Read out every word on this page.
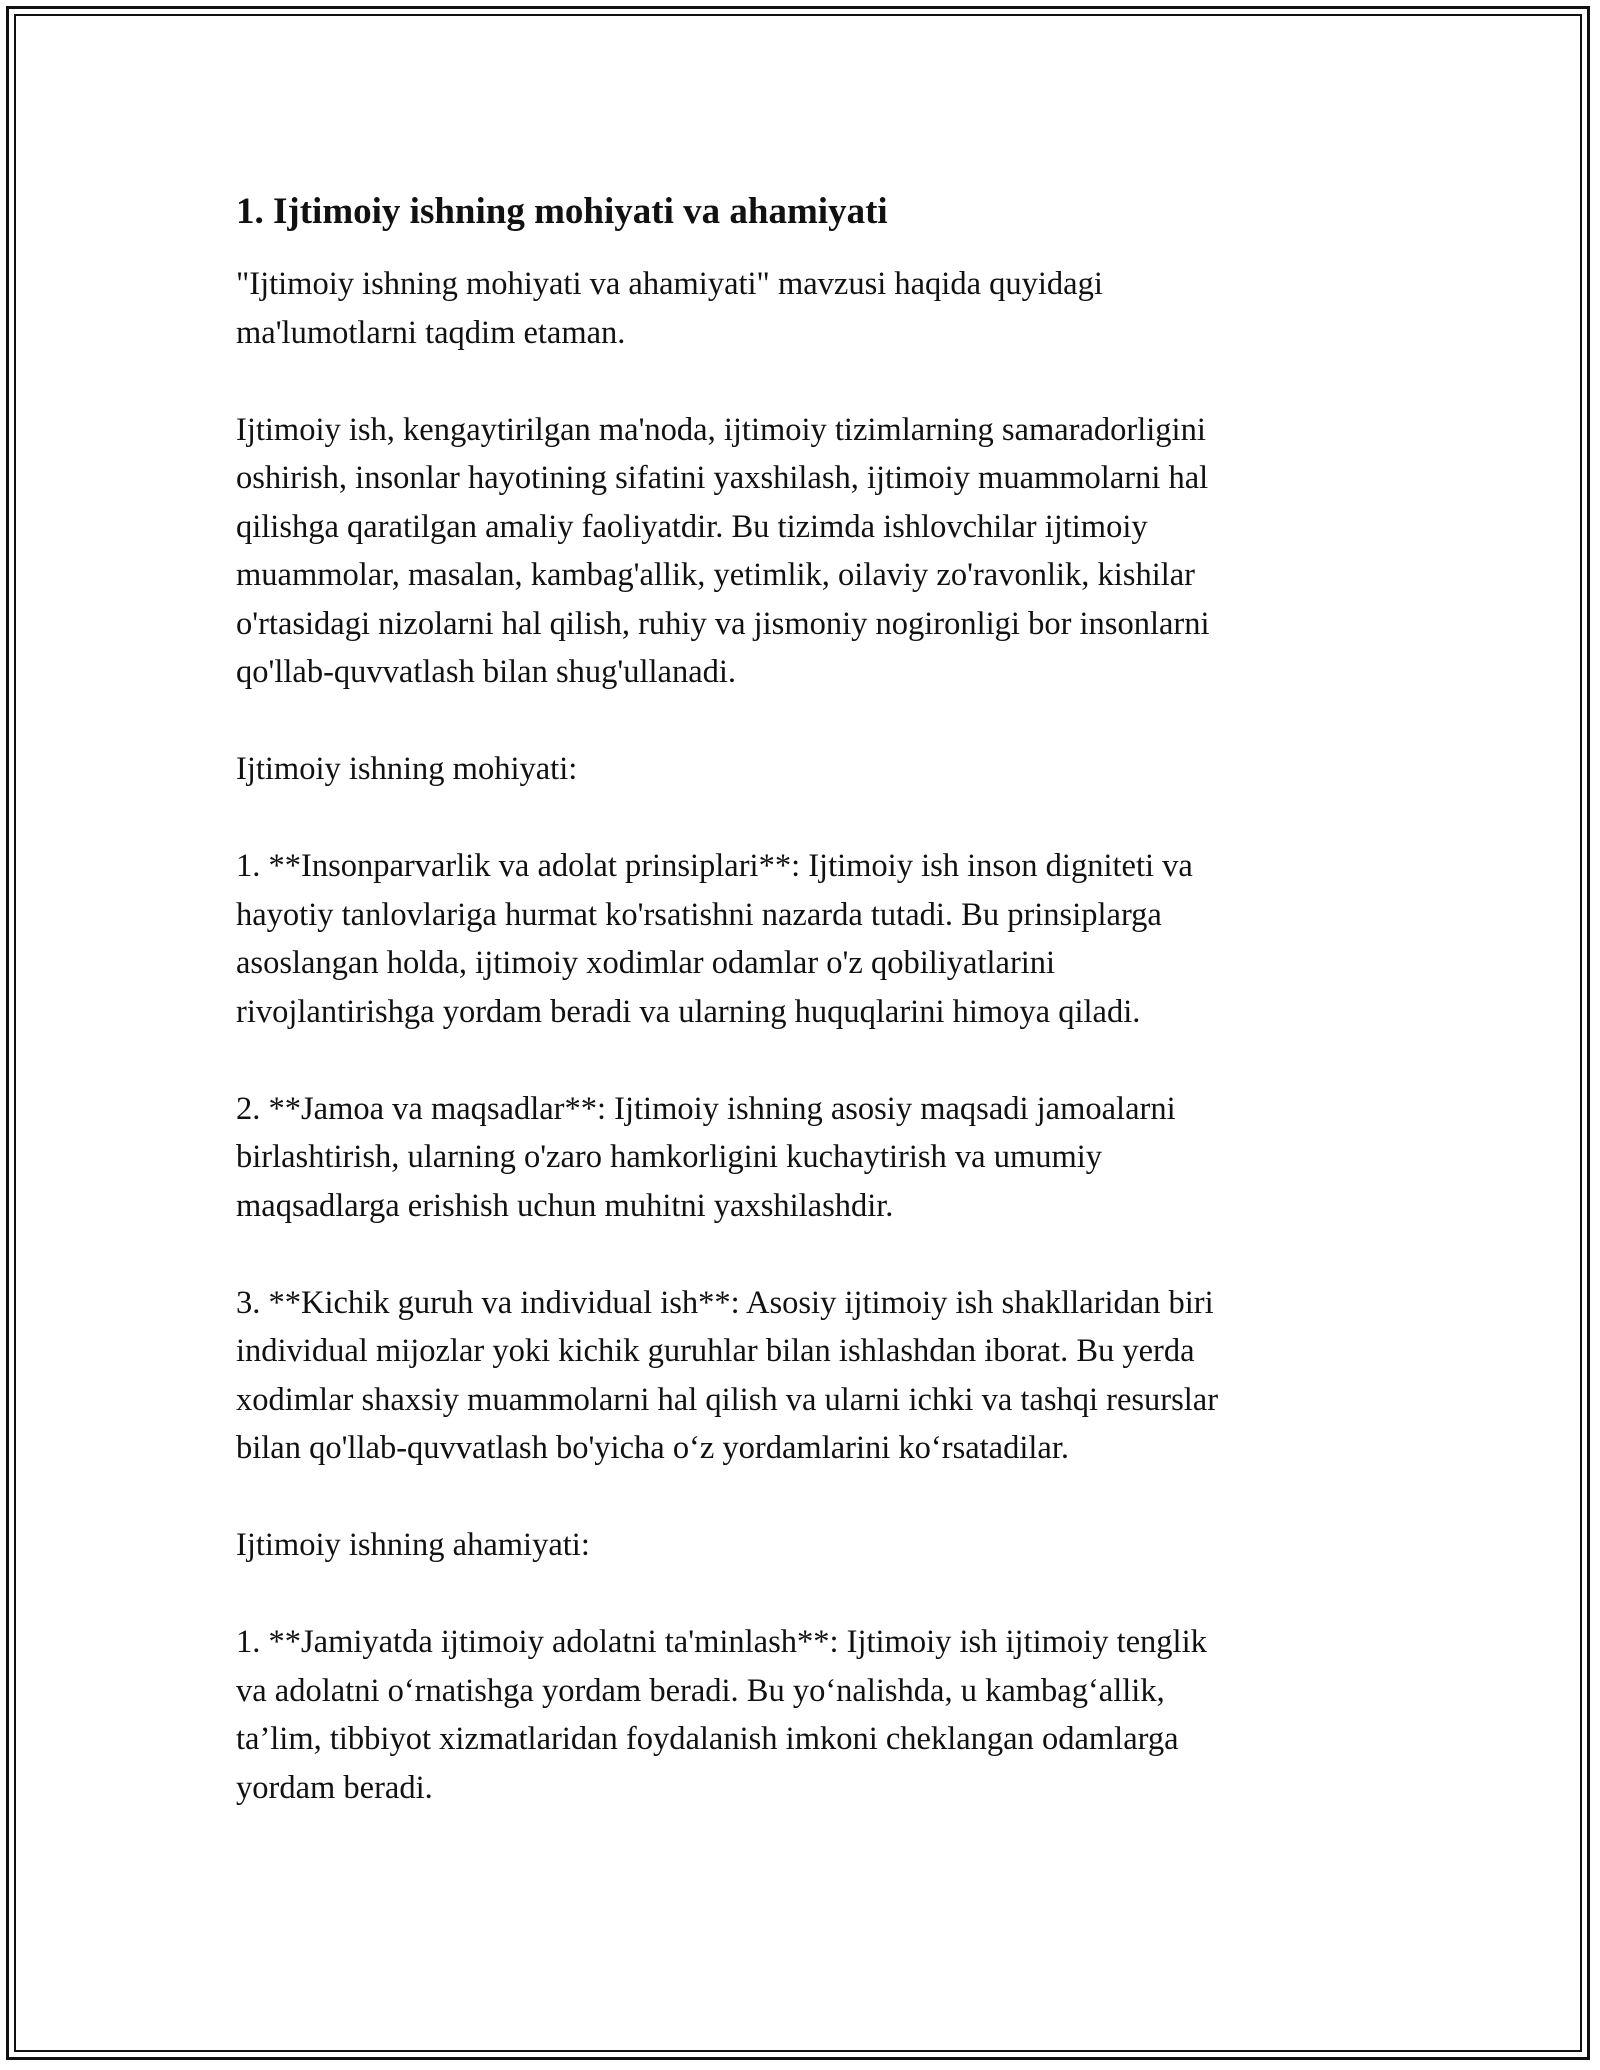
1. Ijtimoiy ishning mohiyati va ahamiyati

"Ijtimoiy ishning mohiyati va ahamiyati" mavzusi haqida quyidagi
ma'lumotlarni taqdim etaman.

Ijtimoiy ish, kengaytirilgan ma'noda, ijtimoiy tizimlarning samaradorligini
oshirish, insonlar hayotining sifatini yaxshilash, ijtimoiy muammolarni hal
qilishga qaratilgan amaliy faoliyatdir. Bu tizimda ishlovchilar ijtimoiy
muammolar, masalan, kambag'allik, yetimlik, oilaviy zo'ravonlik, kishilar
o'rtasidagi nizolarni hal qilish, ruhiy va jismoniy nogironligi bor insonlarni
qo'llab-quvvatlash bilan shug'ullanadi.

Ijtimoiy ishning mohiyati:

1. **Insonparvarlik va adolat prinsiplari**: Ijtimoiy ish inson digniteti va
hayotiy tanlovlariga hurmat ko'rsatishni nazarda tutadi. Bu prinsiplarga
asoslangan holda, ijtimoiy xodimlar odamlar o'z qobiliyatlarini
rivojlantirishga yordam beradi va ularning huquqlarini himoya qiladi.

2. **Jamoa va maqsadlar**: Ijtimoiy ishning asosiy maqsadi jamoalarni
birlashtirish, ularning o'zaro hamkorligini kuchaytirish va umumiy
maqsadlarga erishish uchun muhitni yaxshilashdir.

3. **Kichik guruh va individual ish**: Asosiy ijtimoiy ish shakllaridan biri
individual mijozlar yoki kichik guruhlar bilan ishlashdan iborat. Bu yerda
xodimlar shaxsiy muammolarni hal qilish va ularni ichki va tashqi resurslar
bilan qo'llab-quvvatlash bo'yicha o‘z yordamlarini ko‘rsatadilar.

Ijtimoiy ishning ahamiyati:

1. **Jamiyatda ijtimoiy adolatni ta'minlash**: Ijtimoiy ish ijtimoiy tenglik
va adolatni o‘rnatishga yordam beradi. Bu yo‘nalishda, u kambag‘allik,
ta’lim, tibbiyot xizmatlaridan foydalanish imkoni cheklangan odamlarga
yordam beradi.
